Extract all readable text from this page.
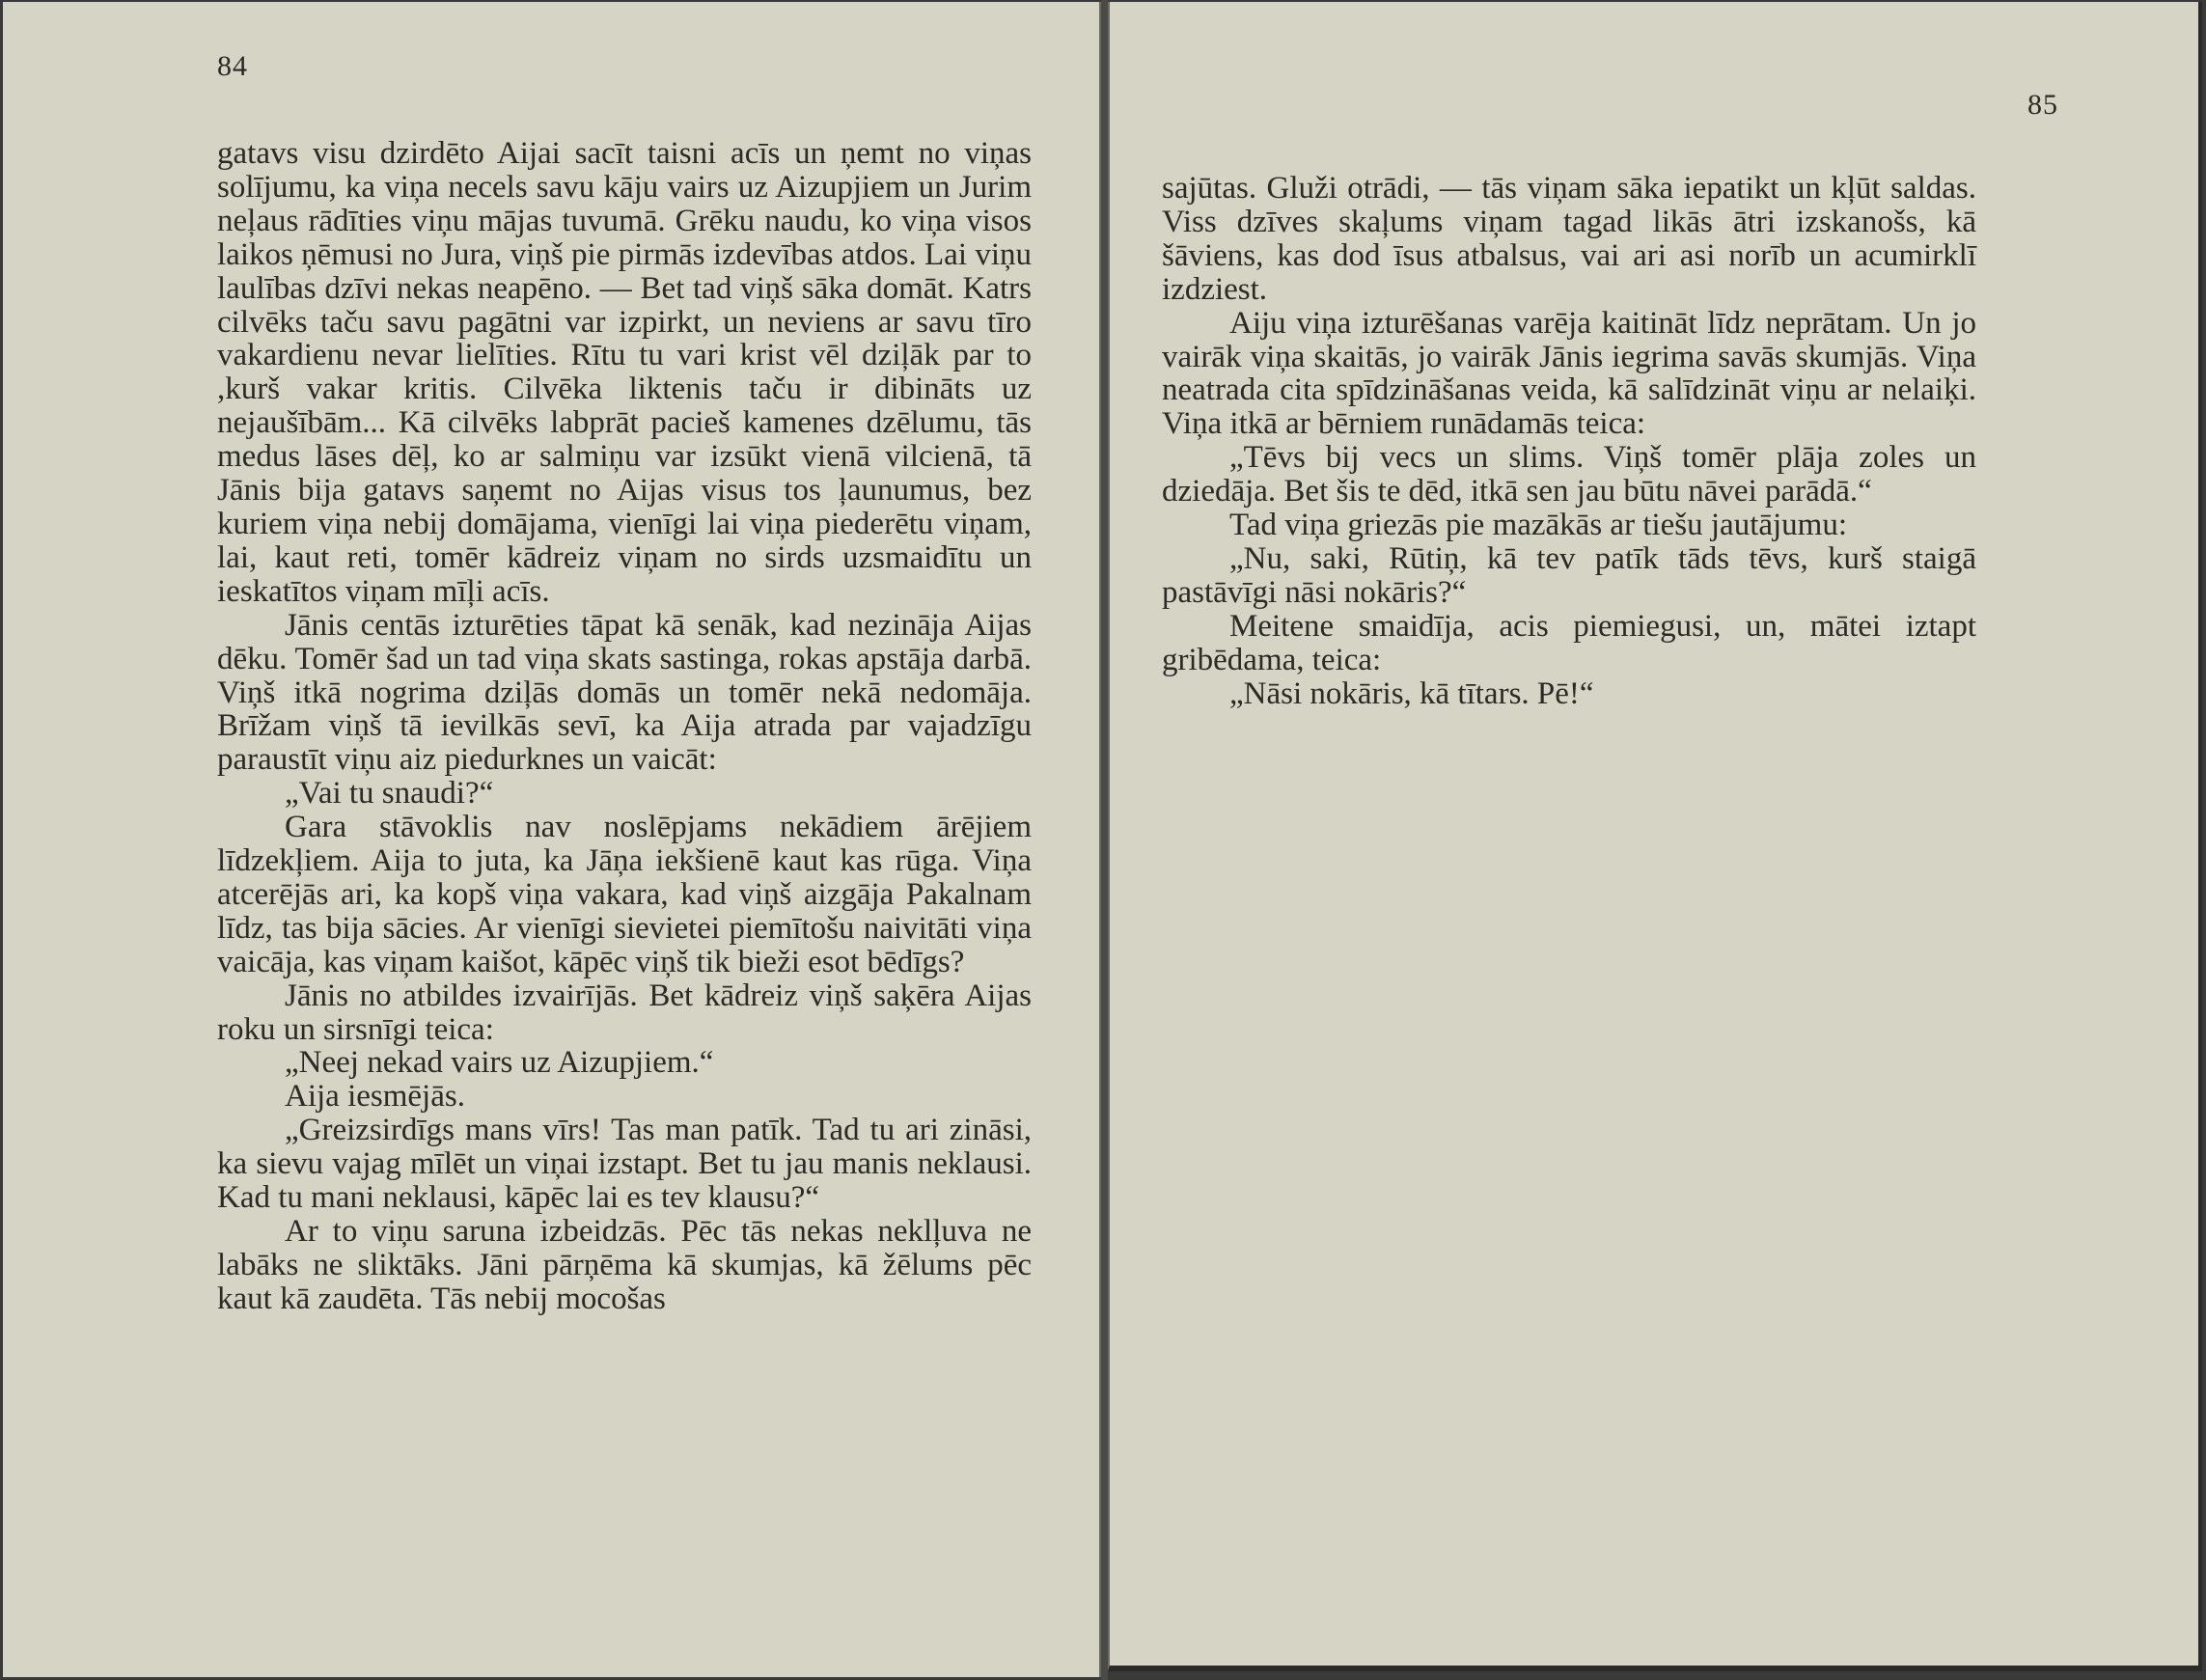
84

gatavs visu dzirdēto Aijai sacīt taisni acīs un ņemt no viņas solījumu, ka viņa necels savu kāju vairs uz Aizupjiem un Jurim neļaus rādīties viņu mājas tuvumā. Grēku naudu, ko viņa visos laikos ņēmusi no Jura, viņš pie pirmās izdevības atdos. Lai viņu laulības dzīvi nekas neapēno. — Bet tad viņš sāka domāt. Katrs cilvēks taču savu pagātni var izpirkt, un neviens ar savu tīro vakardienu nevar lielīties. Rītu tu vari krist vēl dziļāk par to ,kurš vakar kritis. Cilvēka liktenis taču ir dibināts uz nejaušībām... Kā cilvēks labprāt pacieš kamenes dzēlumu, tās medus lāses dēļ, ko ar salmiņu var izsūkt vienā vilcienā, tā Jānis bija gatavs saņemt no Aijas visus tos ļaunumus, bez kuriem viņa nebij domājama, vienīgi lai viņa piederētu viņam, lai, kaut reti, tomēr kādreiz viņam no sirds uzsmaidītu un ieskatītos viņam mīļi acīs.

Jānis centās izturēties tāpat kā senāk, kad nezināja Aijas dēku. Tomēr šad un tad viņa skats sastinga, rokas apstāja darbā. Viņš itkā nogrima dziļās domās un tomēr nekā nedomāja. Brīžam viņš tā ievilkās sevī, ka Aija atrada par vajadzīgu paraustīt viņu aiz piedurknes un vaicāt:

„Vai tu snaudi?“

Gara stāvoklis nav noslēpjams nekādiem ārējiem līdzekļiem. Aija to juta, ka Jāņa iekšienē kaut kas rūga. Viņa atcerējās ari, ka kopš viņa vakara, kad viņš aizgāja Pakalnam līdz, tas bija sācies. Ar vienīgi sievietei piemītošu naivitāti viņa vaicāja, kas viņam kaišot, kāpēc viņš tik bieži esot bēdīgs?

Jānis no atbildes izvairījās. Bet kādreiz viņš saķēra Aijas roku un sirsnīgi teica:

„Neej nekad vairs uz Aizupjiem.“

Aija iesmējās.

„Greizsirdīgs mans vīrs! Tas man patīk. Tad tu ari zināsi, ka sievu vajag mīlēt un viņai izstapt. Bet tu jau manis neklausi. Kad tu mani neklausi, kāpēc lai es tev klausu?“

Ar to viņu saruna izbeidzās. Pēc tās nekas neklļuva ne labāks ne sliktāks. Jāni pārņēma kā skumjas, kā žēlums pēc kaut kā zaudēta. Tās nebij mocošas

85

sajūtas. Gluži otrādi, — tās viņam sāka iepatikt un kļūt saldas. Viss dzīves skaļums viņam tagad likās ātri izskanošs, kā šāviens, kas dod īsus atbalsus, vai ari asi norīb un acumirklī izdziest.

Aiju viņa izturēšanas varēja kaitināt līdz neprātam. Un jo vairāk viņa skaitās, jo vairāk Jānis iegrima savās skumjās. Viņa neatrada cita spīdzināšanas veida, kā salīdzināt viņu ar nelaiķi. Viņa itkā ar bērniem runādamās teica:

„Tēvs bij vecs un slims. Viņš tomēr plāja zoles un dziedāja. Bet šis te dēd, itkā sen jau būtu nāvei parādā.“

Tad viņa griezās pie mazākās ar tiešu jautājumu:

„Nu, saki, Rūtiņ, kā tev patīk tāds tēvs, kurš staigā pastāvīgi nāsi nokāris?“

Meitene smaidīja, acis piemiegusi, un, mātei iztapt gribēdama, teica:

„Nāsi nokāris, kā tītars. Pē!“
